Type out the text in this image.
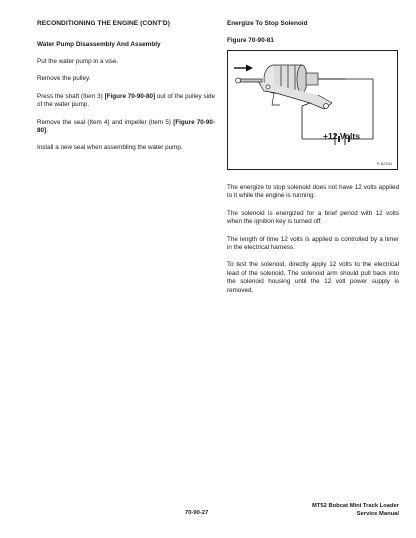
RECONDITIONING THE ENGINE (CONT'D)
Water Pump Disassembly And Assembly
Put the water pump in a vise.
Remove the pulley.
Press the shaft (Item 3) [Figure 70-90-80] out of the pulley side of the water pump.
Remove the seal (Item 4) and impeller (Item 5) [Figure 70-90-80].
Install a new seal when assembling the water pump.
Energize To Stop Solenoid
Figure 70-90-81
+12 Volts
P-62154
The energize to stop solenoid does not have 12 volts applied to it while the engine is running.
The solenoid is energized for a brief period with 12 volts when the ignition key is turned off.
The length of time 12 volts is applied is controlled by a timer in the electrical harness.
To test the solenoid, directly apply 12 volts to the electrical lead of the solenoid. The solenoid arm should pull back into the solenoid housing until the 12 volt power supply is removed.
70-90-27
MT52 Bobcat Mini Track Loader
Service Manual
